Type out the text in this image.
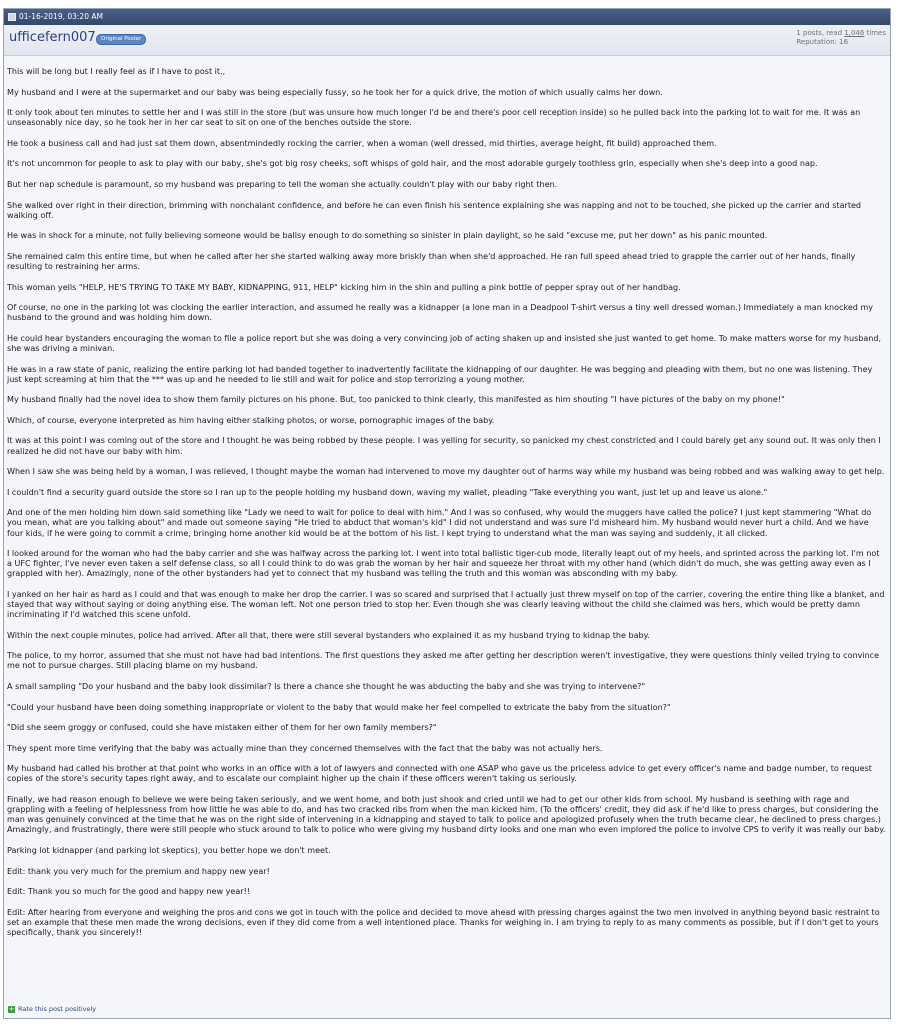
01-16-2019, 03:20 AM
ufficefern007 Original Poster
1 posts, read 1,046 times
Reputation: 16

This will be long but I really feel as if I have to post it.,

My husband and I were at the supermarket and our baby was being especially fussy, so he took her for a quick drive, the motion of which usually calms her down.

It only took about ten minutes to settle her and I was still in the store (but was unsure how much longer I'd be and there's poor cell reception inside) so he pulled back into the parking lot to wait for me. It was an unseasonably nice day, so he took her in her car seat to sit on one of the benches outside the store.

He took a business call and had just sat them down, absentmindedly rocking the carrier, when a woman (well dressed, mid thirties, average height, fit build) approached them.

It's not uncommon for people to ask to play with our baby, she's got big rosy cheeks, soft whisps of gold hair, and the most adorable gurgely toothless grin, especially when she's deep into a good nap.

But her nap schedule is paramount, so my husband was preparing to tell the woman she actually couldn't play with our baby right then.

She walked over right in their direction, brimming with nonchalant confidence, and before he can even finish his sentence explaining she was napping and not to be touched, she picked up the carrier and started walking off.

He was in shock for a minute, not fully believing someone would be ballsy enough to do something so sinister in plain daylight, so he said "excuse me, put her down" as his panic mounted.

She remained calm this entire time, but when he called after her she started walking away more briskly than when she'd approached. He ran full speed ahead tried to grapple the carrier out of her hands, finally resulting to restraining her arms.

This woman yells "HELP, HE'S TRYING TO TAKE MY BABY, KIDNAPPING, 911, HELP" kicking him in the shin and pulling a pink bottle of pepper spray out of her handbag.

Of course, no one in the parking lot was clocking the earlier interaction, and assumed he really was a kidnapper (a lone man in a Deadpool T-shirt versus a tiny well dressed woman.) Immediately a man knocked my husband to the ground and was holding him down.

He could hear bystanders encouraging the woman to file a police report but she was doing a very convincing job of acting shaken up and insisted she just wanted to get home. To make matters worse for my husband, she was driving a minivan.

He was in a raw state of panic, realizing the entire parking lot had banded together to inadvertently facilitate the kidnapping of our daughter. He was begging and pleading with them, but no one was listening. They just kept screaming at him that the *** was up and he needed to lie still and wait for police and stop terrorizing a young mother.

My husband finally had the novel idea to show them family pictures on his phone. But, too panicked to think clearly, this manifested as him shouting "I have pictures of the baby on my phone!"

Which, of course, everyone interpreted as him having either stalking photos, or worse, pornographic images of the baby.

It was at this point I was coming out of the store and I thought he was being robbed by these people. I was yelling for security, so panicked my chest constricted and I could barely get any sound out. It was only then I realized he did not have our baby with him.

When I saw she was being held by a woman, I was relieved, I thought maybe the woman had intervened to move my daughter out of harms way while my husband was being robbed and was walking away to get help.

I couldn't find a security guard outside the store so I ran up to the people holding my husband down, waving my wallet, pleading "Take everything you want, just let up and leave us alone."

And one of the men holding him down said something like "Lady we need to wait for police to deal with him." And I was so confused, why would the muggers have called the police? I just kept stammering "What do you mean, what are you talking about" and made out someone saying "He tried to abduct that woman's kid" I did not understand and was sure I'd misheard him. My husband would never hurt a child. And we have four kids, if he were going to commit a crime, bringing home another kid would be at the bottom of his list. I kept trying to understand what the man was saying and suddenly, it all clicked.

I looked around for the woman who had the baby carrier and she was halfway across the parking lot. I went into total ballistic tiger-cub mode, literally leapt out of my heels, and sprinted across the parking lot. I'm not a UFC fighter, I've never even taken a self defense class, so all I could think to do was grab the woman by her hair and squeeze her throat with my other hand (which didn't do much, she was getting away even as I grappled with her). Amazingly, none of the other bystanders had yet to connect that my husband was telling the truth and this woman was absconding with my baby.

I yanked on her hair as hard as I could and that was enough to make her drop the carrier. I was so scared and surprised that I actually just threw myself on top of the carrier, covering the entire thing like a blanket, and stayed that way without saying or doing anything else. The woman left. Not one person tried to stop her. Even though she was clearly leaving without the child she claimed was hers, which would be pretty damn incriminating if I'd watched this scene unfold.

Within the next couple minutes, police had arrived. After all that, there were still several bystanders who explained it as my husband trying to kidnap the baby.

The police, to my horror, assumed that she must not have had bad intentions. The first questions they asked me after getting her description weren't investigative, they were questions thinly veiled trying to convince me not to pursue charges. Still placing blame on my husband.

A small sampling "Do your husband and the baby look dissimilar? Is there a chance she thought he was abducting the baby and she was trying to intervene?"

"Could your husband have been doing something inappropriate or violent to the baby that would make her feel compelled to extricate the baby from the situation?"

"Did she seem groggy or confused, could she have mistaken either of them for her own family members?"

They spent more time verifying that the baby was actually mine than they concerned themselves with the fact that the baby was not actually hers.

My husband had called his brother at that point who works in an office with a lot of lawyers and connected with one ASAP who gave us the priceless advice to get every officer's name and badge number, to request copies of the store's security tapes right away, and to escalate our complaint higher up the chain if these officers weren't taking us seriously.

Finally, we had reason enough to believe we were being taken seriously, and we went home, and both just shook and cried until we had to get our other kids from school. My husband is seething with rage and grappling with a feeling of helplessness from how little he was able to do, and has two cracked ribs from when the man kicked him. (To the officers' credit, they did ask if he'd like to press charges, but considering the man was genuinely convinced at the time that he was on the right side of intervening in a kidnapping and stayed to talk to police and apologized profusely when the truth became clear, he declined to press charges.) Amazingly, and frustratingly, there were still people who stuck around to talk to police who were giving my husband dirty looks and one man who even implored the police to involve CPS to verify it was really our baby.

Parking lot kidnapper (and parking lot skeptics), you better hope we don't meet.

Edit: thank you very much for the premium and happy new year!

Edit: Thank you so much for the good and happy new year!!

Edit: After hearing from everyone and weighing the pros and cons we got in touch with the police and decided to move ahead with pressing charges against the two men involved in anything beyond basic restraint to set an example that these men made the wrong decisions, even if they did come from a well intentioned place. Thanks for weighing in. I am trying to reply to as many comments as possible, but if I don't get to yours specifically, thank you sincerely!!

+ Rate this post positively
